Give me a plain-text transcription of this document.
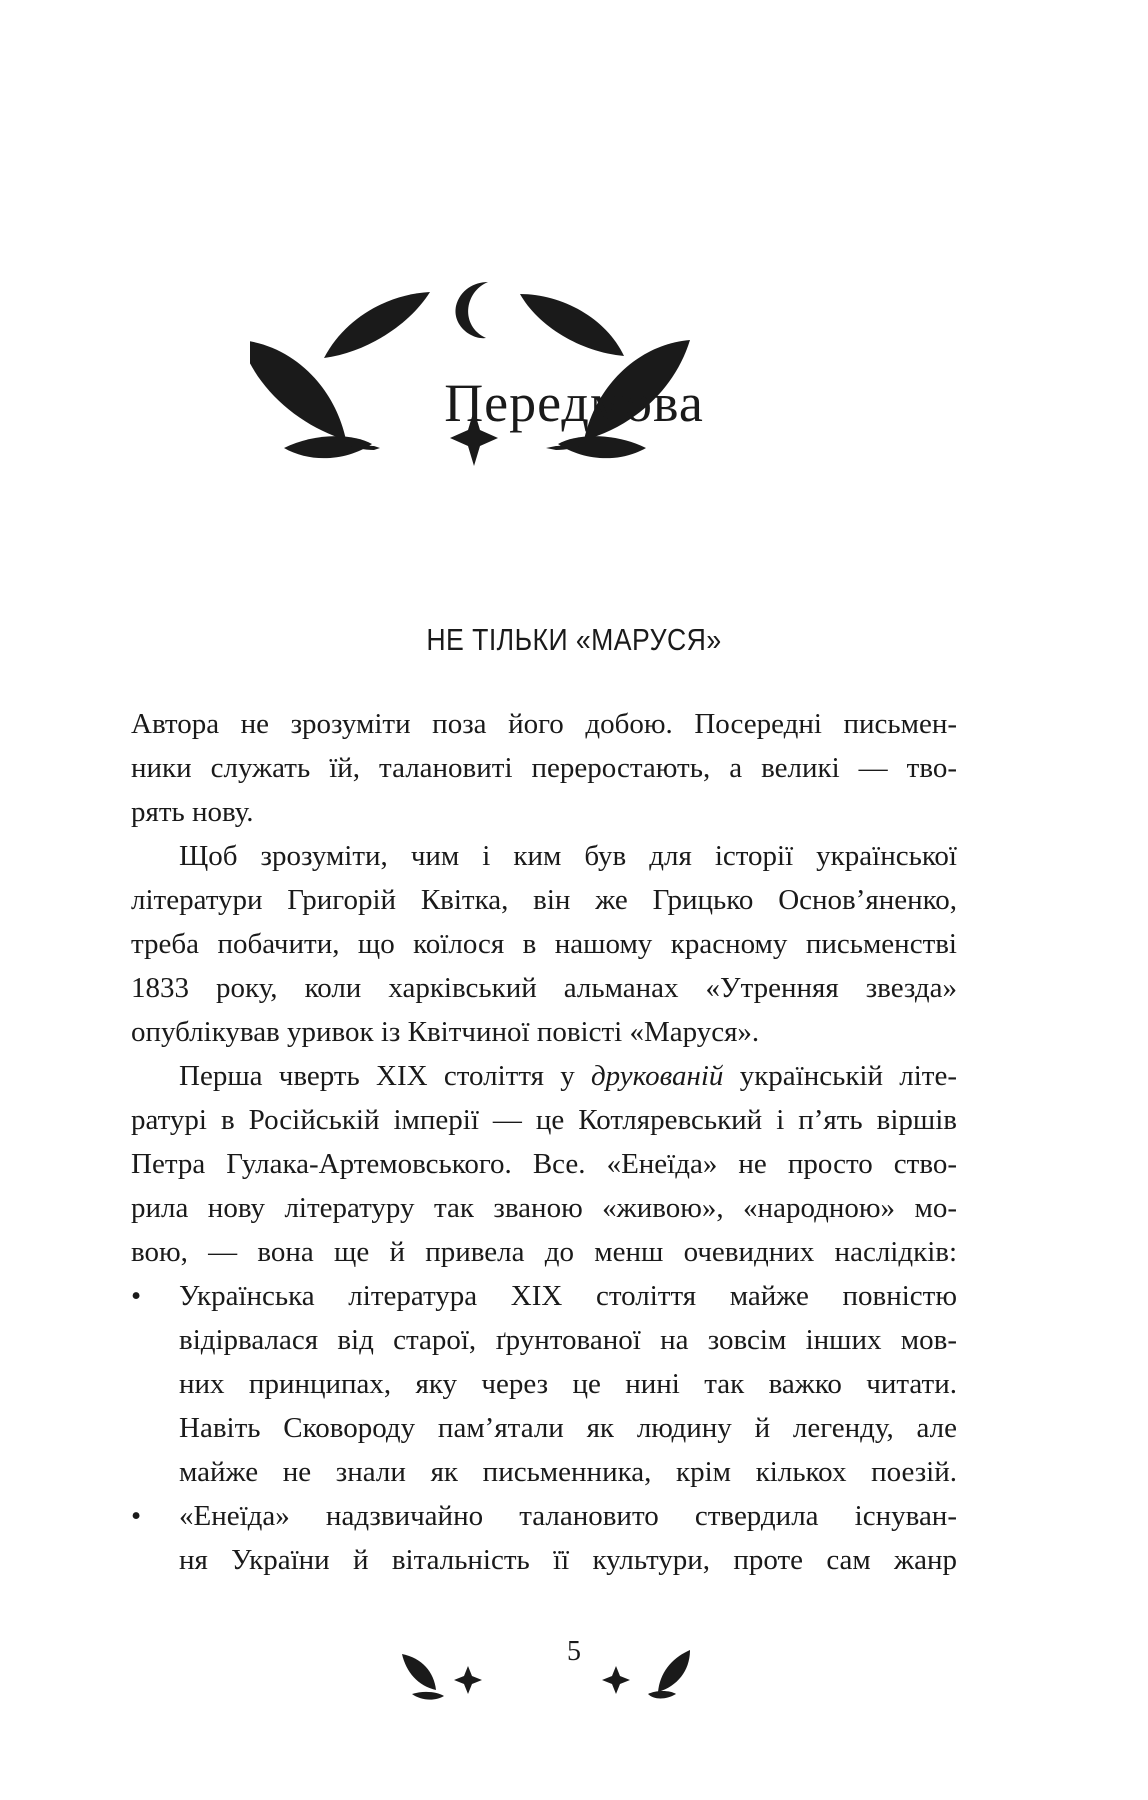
Передмова
НЕ ТІЛЬКИ «МАРУСЯ»
Автора не зрозуміти поза його добою. Посередні письмен-
ники служать їй, талановиті переростають, а великі — тво-
рять нову.
Щоб зрозуміти, чим і ким був для історії української
літератури Григорій Квітка, він же Грицько Основ’яненко,
треба побачити, що коїлося в нашому красному письменстві
1833 року, коли харківський альманах «Утренняя звезда»
опублікував уривок із Квітчиної повісті «Маруся».
Перша чверть ХІХ століття у друкованій українській літе-
ратурі в Російській імперії — це Котляревський і п’ять віршів
Петра Гулака-Артемовського. Все. «Енеїда» не просто ство-
рила нову літературу так званою «живою», «народною» мо-
вою, — вона ще й привела до менш очевидних наслідків:
• Українська література ХІХ століття майже повністю
відірвалася від старої, ґрунтованої на зовсім інших мов-
них принципах, яку через це нині так важко читати.
Навіть Сковороду пам’ятали як людину й легенду, але
майже не знали як письменника, крім кількох поезій.
• «Енеїда» надзвичайно талановито ствердила існуван-
ня України й вітальність її культури, проте сам жанр
5
